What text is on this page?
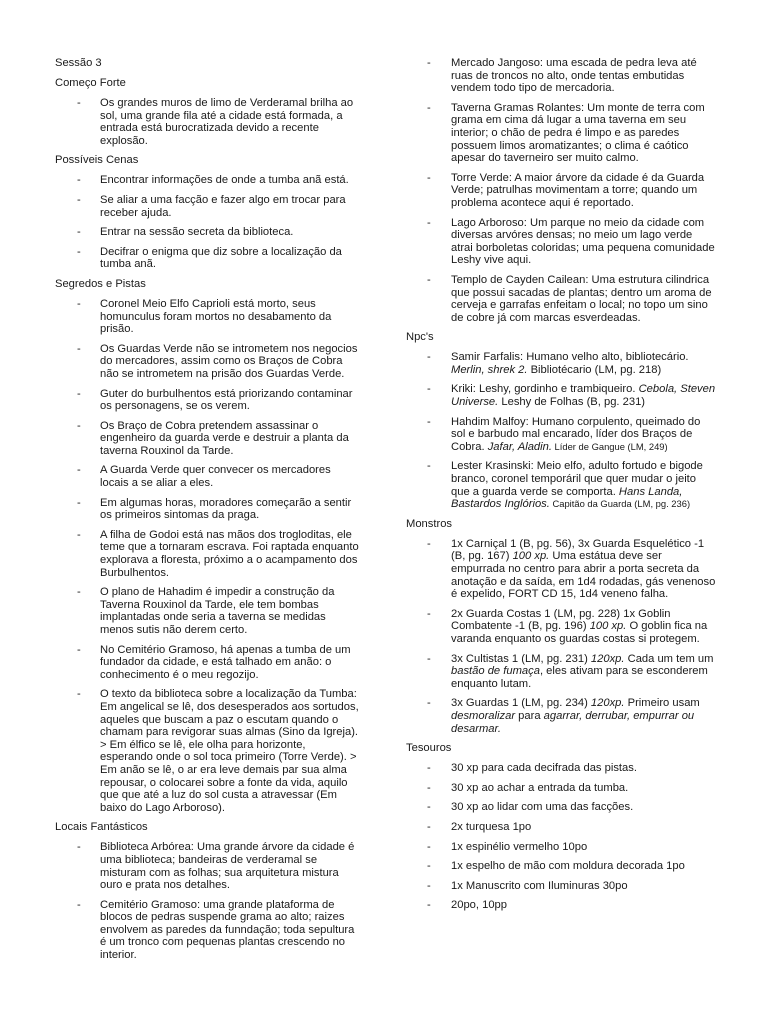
Sessão 3

Começo Forte

- Os grandes muros de limo de Verderamal brilha ao sol, uma grande fila até a cidade está formada, a entrada está burocratizada devido a recente explosão.

Possíveis Cenas

- Encontrar informações de onde a tumba anã está.
- Se aliar a uma facção e fazer algo em trocar para receber ajuda.
- Entrar na sessão secreta da biblioteca.
- Decifrar o enigma que diz sobre a localização da tumba anã.

Segredos e Pistas

- Coronel Meio Elfo Caprioli está morto, seus homunculus foram mortos no desabamento da prisão.
- Os Guardas Verde não se intrometem nos negocios do mercadores, assim como os Braços de Cobra não se intrometem na prisão dos Guardas Verde.
- Guter do burbulhentos está priorizando contaminar os personagens, se os verem.
- Os Braço de Cobra pretendem assassinar o engenheiro da guarda verde e destruir a planta da taverna Rouxinol da Tarde.
- A Guarda Verde quer convecer os mercadores locais a se aliar a eles.
- Em algumas horas, moradores começarão a sentir os primeiros sintomas da praga.
- A filha de Godoi está nas mãos dos trogloditas, ele teme que a tornaram escrava. Foi raptada enquanto explorava a floresta, próximo a o acampamento dos Burbulhentos.
- O plano de Hahadim é impedir a construção da Taverna Rouxinol da Tarde, ele tem bombas implantadas onde seria a taverna se medidas menos sutis não derem certo.
- No Cemitério Gramoso, há apenas a tumba de um fundador da cidade, e está talhado em anão: o conhecimento é o meu regozijo.
- O texto da biblioteca sobre a localização da Tumba: Em angelical se lê, dos desesperados aos sortudos, aqueles que buscam a paz o escutam quando o chamam para revigorar suas almas (Sino da Igreja). > Em élfico se lê, ele olha para horizonte, esperando onde o sol toca primeiro (Torre Verde). > Em anão se lê, o ar era leve demais par sua alma repousar, o colocarei sobre a fonte da vida, aquilo que que até a luz do sol custa a atravessar (Em baixo do Lago Arboroso).

Locais Fantásticos

- Biblioteca Arbórea: Uma grande árvore da cidade é uma biblioteca; bandeiras de verderamal se misturam com as folhas; sua arquitetura mistura ouro e prata nos detalhes.
- Cemitério Gramoso: uma grande plataforma de blocos de pedras suspende grama ao alto; raizes envolvem as paredes da funndação; toda sepultura é um tronco com pequenas plantas crescendo no interior.
- Mercado Jangoso: uma escada de pedra leva até ruas de troncos no alto, onde tentas embutidas vendem todo tipo de mercadoria.
- Taverna Gramas Rolantes: Um monte de terra com grama em cima dá lugar a uma taverna em seu interior; o chão de pedra é limpo e as paredes possuem limos aromatizantes; o clima é caótico apesar do taverneiro ser muito calmo.
- Torre Verde: A maior árvore da cidade é da Guarda Verde; patrulhas movimentam a torre; quando um problema acontece aqui é reportado.
- Lago Arboroso: Um parque no meio da cidade com diversas arvóres densas; no meio um lago verde atrai borboletas coloridas; uma pequena comunidade Leshy vive aqui.
- Templo de Cayden Cailean: Uma estrutura cilindrica que possui sacadas de plantas; dentro um aroma de cerveja e garrafas enfeitam o local; no topo um sino de cobre já com marcas esverdeadas.

Npc's

- Samir Farfalis: Humano velho alto, bibliotecário. Merlin, shrek 2. Bibliotécario (LM, pg. 218)
- Kriki: Leshy, gordinho e trambiqueiro. Cebola, Steven Universe. Leshy de Folhas (B, pg. 231)
- Hahdim Malfoy: Humano corpulento, queimado do sol e barbudo mal encarado, líder dos Braços de Cobra. Jafar, Aladin. Líder de Gangue (LM, 249)
- Lester Krasinski: Meio elfo, adulto fortudo e bigode branco, coronel temporáril que quer mudar o jeito que a guarda verde se comporta. Hans Landa, Bastardos Inglórios. Capitão da Guarda (LM, pg. 236)

Monstros

- 1x Carniçal 1 (B, pg. 56), 3x Guarda Esquelético -1 (B, pg. 167) 100 xp. Uma estátua deve ser empurrada no centro para abrir a porta secreta da anotação e da saída, em 1d4 rodadas, gás venenoso é expelido, FORT CD 15, 1d4 veneno falha.
- 2x Guarda Costas 1 (LM, pg. 228) 1x Goblin Combatente -1 (B, pg. 196) 100 xp. O goblin fica na varanda enquanto os guardas costas si protegem.
- 3x Cultistas 1 (LM, pg. 231) 120xp. Cada um tem um bastão de fumaça, eles ativam para se esconderem enquanto lutam.
- 3x Guardas 1 (LM, pg. 234) 120xp. Primeiro usam desmoralizar para agarrar, derrubar, empurrar ou desarmar.

Tesouros

- 30 xp para cada decifrada das pistas.
- 30 xp ao achar a entrada da tumba.
- 30 xp ao lidar com uma das facções.
- 2x turquesa 1po
- 1x espinélio vermelho 10po
- 1x espelho de mão com moldura decorada 1po
- 1x Manuscrito com Iluminuras 30po
- 20po, 10pp
